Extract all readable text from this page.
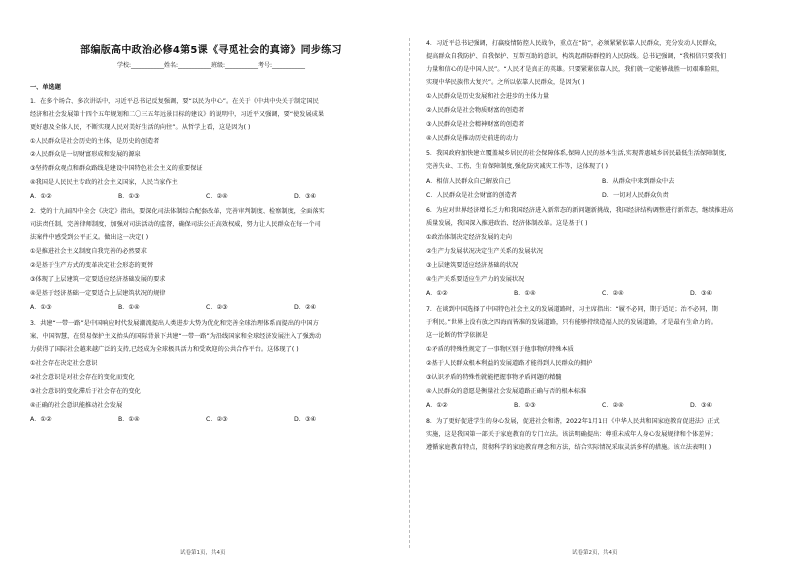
部编版高中政治必修4第5课《寻觅社会的真谛》同步练习
学校:___________姓名:___________班级:___________考号:___________
一、单选题
1．在多个场合、多次讲话中，习近平总书记反复强调，要“以民为中心”。在关于《中共中央关于制定国民
经济和社会发展第十四个五年规划和二〇三五年远景目标的建议》的说明中，习近平又强调，要“使发展成果
更好惠及全体人民，不断实现人民对美好生活的向往”。从哲学上看，这是因为( )
①人民群众是社会历史的主体，是历史的创造者
②人民群众是一切财富形成和发展的源泉
③坚持群众观点和群众路线是建设中国特色社会主义的重要保证
④我国是人民民主专政的社会主义国家，人民当家作主
A．①②	B．①③	C．②④	D．③④
2．党的十九届四中全会《决定》指出，要深化司法体制综合配套改革，完善审判制度、检察制度，全面落实
司法责任制，完善律师制度，加强对司法活动的监督，确保司法公正高效权威，努力让人民群众在每一个司
法案件中感受到公平正义。做出这一决定( )
①是推进社会主义制度自我完善的必然要求
②是基于生产方式的变革决定社会形态的更替
③体现了上层建筑一定要适应经济基础发展的要求
④是基于经济基础一定要适合上层建筑状况的规律
A．①③	B．①④	C．②③	D．②④
3．共建“一带一路”是中国响应时代发展潮流提出人类进步大势为优化和完善全球治理体系而提出的中国方
案、中国智慧，在贸易保护主义抬头的国际背景下共建“一带一路”为沿线国家和全球经济发展注入了强劲动
力获得了国际社会越来越广泛的支持,已经成为全球极具活力和受欢迎的公共合作平台。这体现了( )
①社会存在决定社会意识
②社会意识是对社会存在的变化而变化
③社会意识的变化滞后于社会存在的变化
④正确的社会意识能推动社会发展
A．①②	B．①④	C．②③	D．③④
试卷第1页，共4页
4．习近平总书记强调，打赢疫情防控人民战争，重点在“防”，必须紧紧依靠人民群众，充分发动人民群众，
提高群众自我防护、自我保护、互帮互助的意识，构筑起群防群控的人民防线。总书记强调，“我相信只要我们
力量和信心的是中国人民”。“人民才是真正的英雄。只要紧紧依靠人民，我们就一定能够战胜一切艰难险阻，
实现中华民族伟大复兴”。之所以依靠人民群众，是因为( )
①人民群众是历史发展和社会进步的主体力量
②人民群众是社会物质财富的创造者
③人民群众是社会精神财富的创造者
④人民群众是推动历史前进的动力
5．我国政府加快建立覆盖城乡居民的社会保障体系,保障人民的基本生活,实现普惠城乡居民最低生活保障制度,
完善失业、工伤、生育保障制度,强化防灾减灾工作等，这体现了( )
A．相信人民群众自己解放自己	B．从群众中来到群众中去
C．人民群众是社会财富的创造者	D．一切对人民群众负责
6．为应对世界经济增长乏力和我国经济进入新常态的新问题新挑战，我国经济结构调整进行新常态，继续推进高
质量发展，我国深入推进政治、经济体制改革。这是基于( )
①政治体制决定经济发展的走向
②生产力发展状况决定生产关系的发展状况
③上层建筑要适应经济基础的状况
④生产关系要适应生产力的发展状况
A．①②	B．①④	C．②④	D．③④
7．在谈到中国选择了中国特色社会主义的发展道路时，习主席指出：“履不必同，期于适足；治不必同，期
于利民。”世界上没有放之四海而皆准的发展道路，只有能够持续造福人民的发展道路，才是最有生命力的。
这一论断的哲学依据是
①矛盾的特殊性规定了一事物区别于他事物的特殊本质
②基于人民群众根本利益的发展道路才能得到人民群众的拥护
③认识矛盾的特殊性就能把握事物矛盾问题的精髓
④人民群众的意愿是衡量社会发展道路正确与否的根本标准
A．①②	B．①③	C．②④	D．③④
8．为了更好促进学生的身心发展，促进社会和谐，2022年1月1日《中华人民共和国家庭教育促进法》正式
实施，这是我国第一部关于家庭教育的专门立法。该法明确提出：尊重未成年人身心发展规律和个体差异；
遵循家庭教育特点，贯彻科学的家庭教育理念和方法，结合实际情况采取灵活多样的措施。该立法表明( )
试卷第2页，共4页
